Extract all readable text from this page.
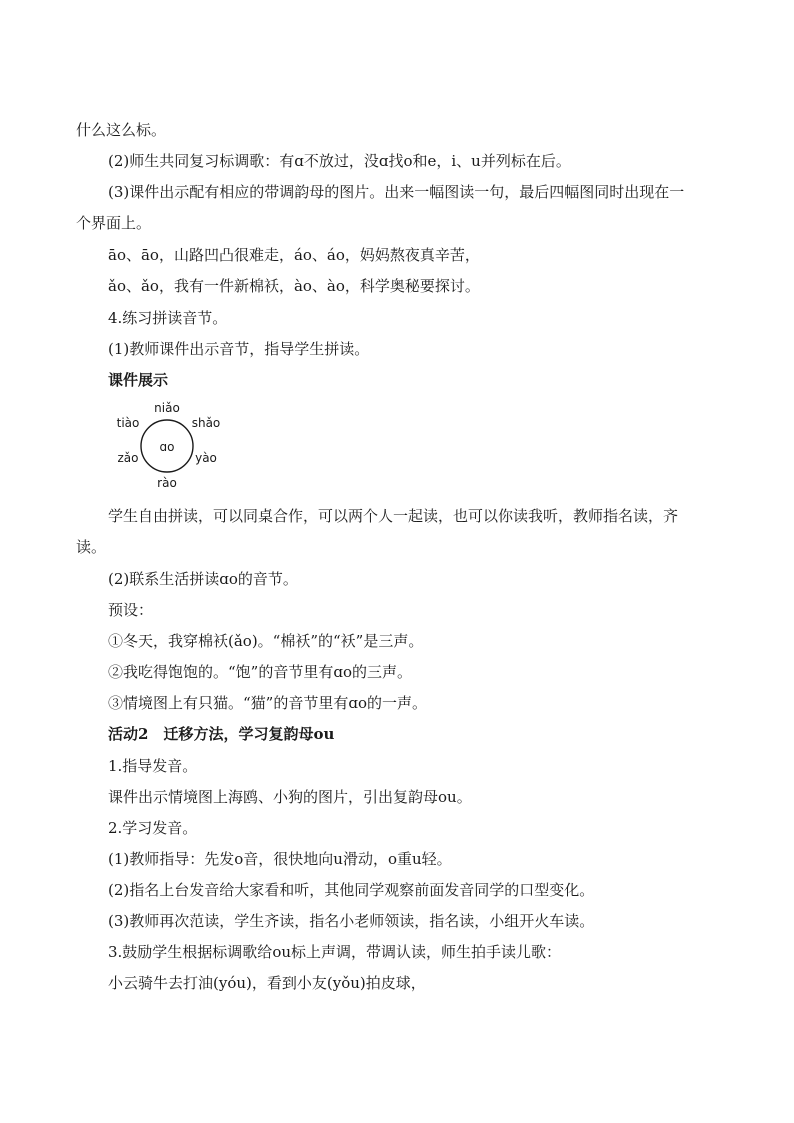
什么这么标。
(2)师生共同复习标调歌：有ɑ不放过，没ɑ找o和e，i、u并列标在后。
(3)课件出示配有相应的带调韵母的图片。出来一幅图读一句，最后四幅图同时出现在一
个界面上。
āo、āo，山路凹凸很难走，áo、áo，妈妈熬夜真辛苦，
ǎo、ǎo，我有一件新棉袄，ào、ào，科学奥秘要探讨。
4.练习拼读音节。
(1)教师课件出示音节，指导学生拼读。
课件展示
ɑo
niǎo
tiào	shǎo
zǎo	yào
rào
学生自由拼读，可以同桌合作，可以两个人一起读，也可以你读我听，教师指名读，齐
读。
(2)联系生活拼读ɑo的音节。
预设：
①冬天，我穿棉袄(ǎo)。“棉袄”的“袄”是三声。
②我吃得饱饱的。“饱”的音节里有ɑo的三声。
③情境图上有只猫。“猫”的音节里有ɑo的一声。
活动2　迁移方法，学习复韵母ou
1.指导发音。
课件出示情境图上海鸥、小狗的图片，引出复韵母ou。
2.学习发音。
(1)教师指导：先发o音，很快地向u滑动，o重u轻。
(2)指名上台发音给大家看和听，其他同学观察前面发音同学的口型变化。
(3)教师再次范读，学生齐读，指名小老师领读，指名读，小组开火车读。
3.鼓励学生根据标调歌给ou标上声调，带调认读，师生拍手读儿歌：
小云骑牛去打油(yóu)，看到小友(yǒu)拍皮球，
